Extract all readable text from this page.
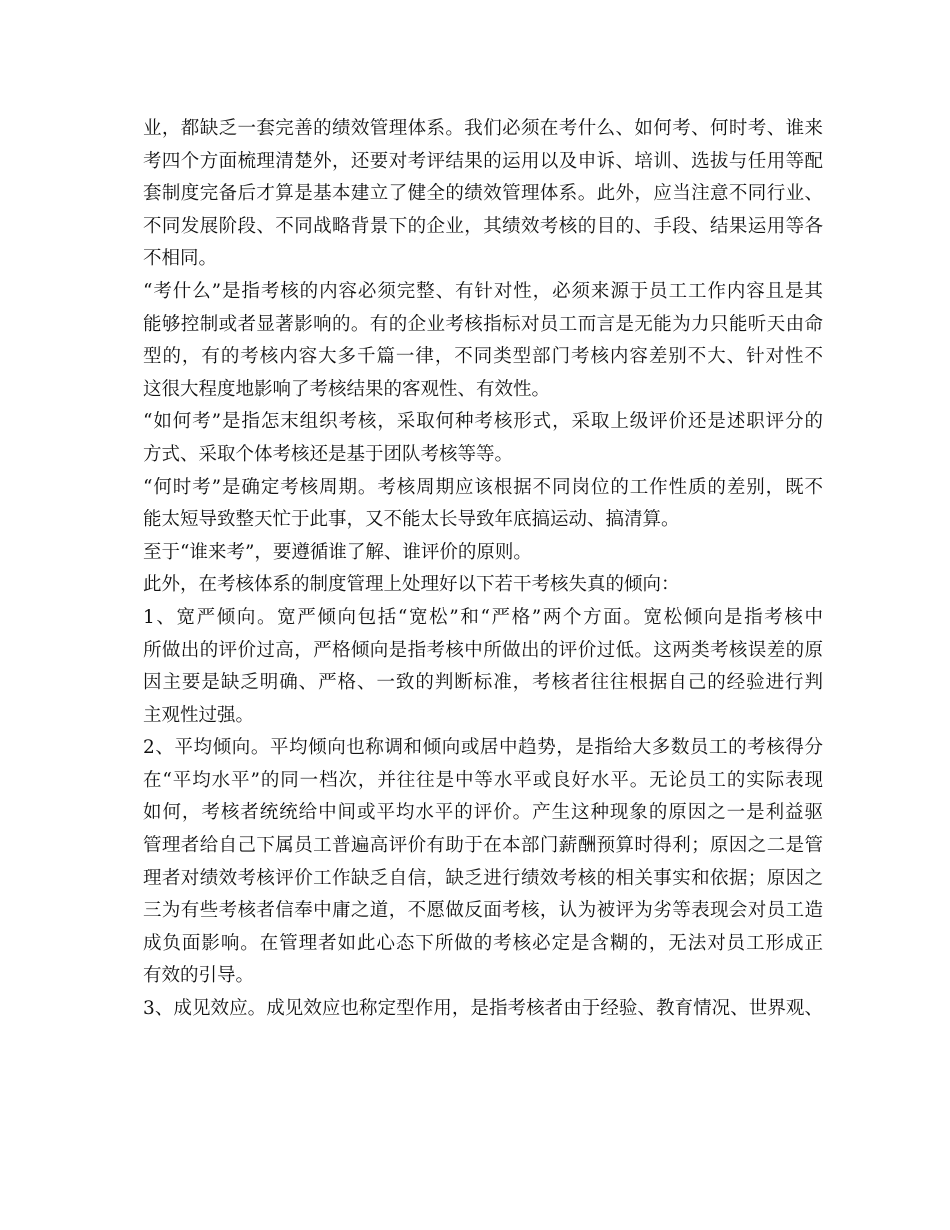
业，都缺乏一套完善的绩效管理体系。我们必须在考什么、如何考、何时考、谁来
考四个方面梳理清楚外，还要对考评结果的运用以及申诉、培训、选拔与任用等配
套制度完备后才算是基本建立了健全的绩效管理体系。此外，应当注意不同行业、
不同发展阶段、不同战略背景下的企业，其绩效考核的目的、手段、结果运用等各
不相同。
“考什么”是指考核的内容必须完整、有针对性，必须来源于员工工作内容且是其
能够控制或者显著影响的。有的企业考核指标对员工而言是无能为力只能听天由命
型的，有的考核内容大多千篇一律，不同类型部门考核内容差别不大、针对性不
这很大程度地影响了考核结果的客观性、有效性。
“如何考”是指怎末组织考核，采取何种考核形式，采取上级评价还是述职评分的
方式、采取个体考核还是基于团队考核等等。
“何时考”是确定考核周期。考核周期应该根据不同岗位的工作性质的差别，既不
能太短导致整天忙于此事，又不能太长导致年底搞运动、搞清算。
至于“谁来考”，要遵循谁了解、谁评价的原则。
此外，在考核体系的制度管理上处理好以下若干考核失真的倾向：
1、宽严倾向。宽严倾向包括“宽松”和“严格”两个方面。宽松倾向是指考核中
所做出的评价过高，严格倾向是指考核中所做出的评价过低。这两类考核误差的原
因主要是缺乏明确、严格、一致的判断标准，考核者往往根据自己的经验进行判
主观性过强。
2、平均倾向。平均倾向也称调和倾向或居中趋势，是指给大多数员工的考核得分
在“平均水平”的同一档次，并往往是中等水平或良好水平。无论员工的实际表现
如何，考核者统统给中间或平均水平的评价。产生这种现象的原因之一是利益驱
管理者给自己下属员工普遍高评价有助于在本部门薪酬预算时得利；原因之二是管
理者对绩效考核评价工作缺乏自信，缺乏进行绩效考核的相关事实和依据；原因之
三为有些考核者信奉中庸之道，不愿做反面考核，认为被评为劣等表现会对员工造
成负面影响。在管理者如此心态下所做的考核必定是含糊的，无法对员工形成正
有效的引导。
3、成见效应。成见效应也称定型作用，是指考核者由于经验、教育情况、世界观、
